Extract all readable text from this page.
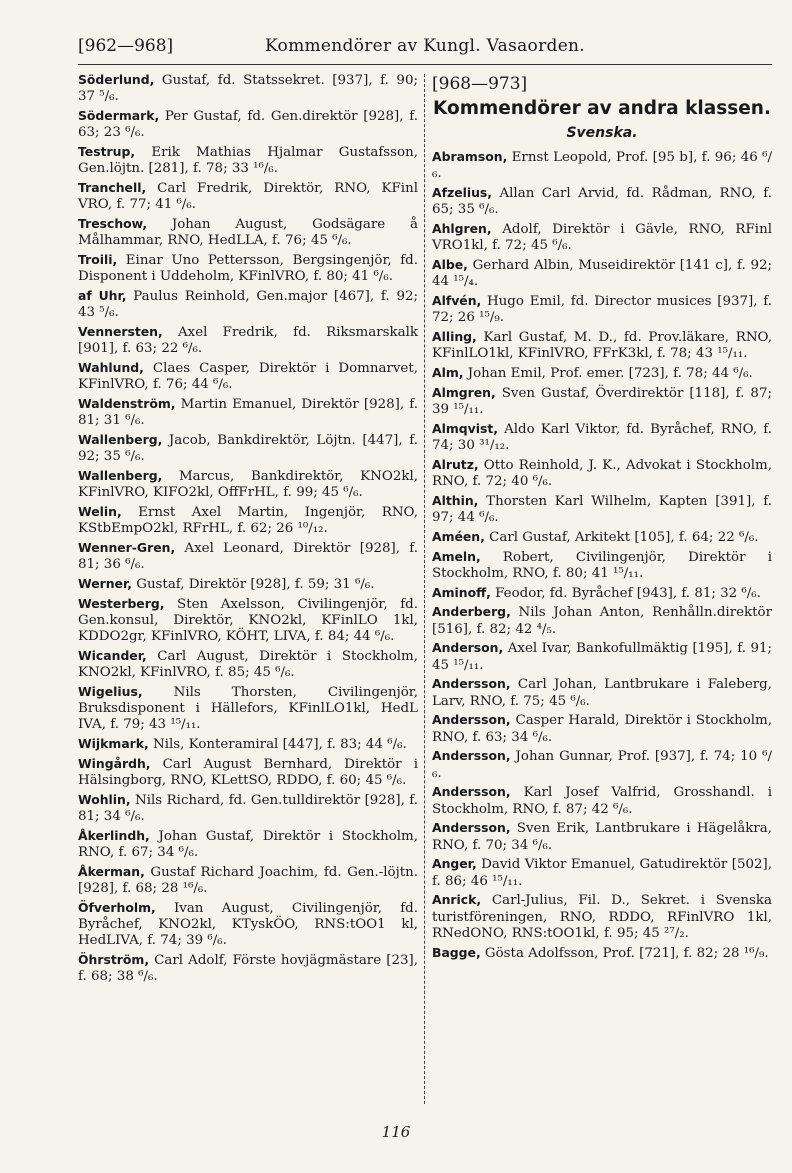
[962—968]	Kommendörer av Kungl. Vasaorden.
Söderlund , Gustaf, fd. Statssekret. [937], f. 90; 37 ⁵/₆.
Södermark , Per Gustaf, fd. Gen.direktör [928], f. 63; 23 ⁶/₆.
Testrup , Erik Mathias Hjalmar Gustafsson, Gen.löjtn. [281], f. 78; 33 ¹⁶/₆.
Tranchell , Carl Fredrik, Direktör, RNO, KFinl VRO, f. 77; 41 ⁶/₆.
Treschow , Johan August, Godsägare å Målhammar, RNO, HedLLA, f. 76; 45 ⁶/₆.
Troili , Einar Uno Pettersson, Bergsingenjör, fd. Disponent i Uddeholm, KFinlVRO, f. 80; 41 ⁶/₆.
af Uhr , Paulus Reinhold, Gen.major [467], f. 92; 43 ⁵/₆.
Vennersten , Axel Fredrik, fd. Riksmarskalk [901], f. 63; 22 ⁶/₆.
Wahlund , Claes Casper, Direktör i Domnarvet, KFinlVRO, f. 76; 44 ⁶/₆.
Waldenström , Martin Emanuel, Direktör [928], f. 81; 31 ⁶/₆.
Wallenberg , Jacob, Bankdirektör, Löjtn. [447], f. 92; 35 ⁶/₆.
Wallenberg , Marcus, Bankdirektör, KNO2kl, KFinlVRO, KIFO2kl, OffFrHL, f. 99; 45 ⁶/₆.
Welin , Ernst Axel Martin, Ingenjör, RNO, KStbEmpO2kl, RFrHL, f. 62; 26 ¹⁰/₁₂.
Wenner-Gren , Axel Leonard, Direktör [928], f. 81; 36 ⁶/₆.
Werner , Gustaf, Direktör [928], f. 59; 31 ⁶/₆.
Westerberg , Sten Axelsson, Civilingenjör, fd. Gen.konsul, Direktör, KNO2kl, KFinlLO 1kl, KDDO2gr, KFinlVRO, KÖHT, LIVA, f. 84; 44 ⁶/₆.
Wicander , Carl August, Direktör i Stockholm, KNO2kl, KFinlVRO, f. 85; 45 ⁶/₆.
Wigelius , Nils Thorsten, Civilingenjör, Bruksdisponent i Hällefors, KFinlLO1kl, HedL IVA, f. 79; 43 ¹⁵/₁₁.
Wijkmark , Nils, Konteramiral [447], f. 83; 44 ⁶/₆.
Wingårdh , Carl August Bernhard, Direktör i Hälsingborg, RNO, KLettSO, RDDO, f. 60; 45 ⁶/₆.
Wohlin , Nils Richard, fd. Gen.tulldirektör [928], f. 81; 34 ⁶/₆.
Åkerlindh , Johan Gustaf, Direktör i Stockholm, RNO, f. 67; 34 ⁶/₆.
Åkerman , Gustaf Richard Joachim, fd. Gen.-löjtn. [928], f. 68; 28 ¹⁶/₆.
Öfverholm , Ivan August, Civilingenjör, fd. Byråchef, KNO2kl, KTyskÖO, RNS:tOO1 kl, HedLIVA, f. 74; 39 ⁶/₆.
Öhrström , Carl Adolf, Förste hovjägmästare [23], f. 68; 38 ⁶/₆.
[968—973]
Kommendörer av andra klassen.
Svenska.
Abramson , Ernst Leopold, Prof. [95 b], f. 96; 46 ⁶/₆.
Afzelius , Allan Carl Arvid, fd. Rådman, RNO, f. 65; 35 ⁶/₆.
Ahlgren , Adolf, Direktör i Gävle, RNO, RFinl VRO1kl, f. 72; 45 ⁶/₆.
Albe , Gerhard Albin, Museidirektör [141 c], f. 92; 44 ¹⁵/₄.
Alfvén , Hugo Emil, fd. Director musices [937], f. 72; 26 ¹⁵/₉.
Alling , Karl Gustaf, M. D., fd. Prov.läkare, RNO, KFinlLO1kl, KFinlVRO, FFrK3kl, f. 78; 43 ¹⁵/₁₁.
Alm , Johan Emil, Prof. emer. [723], f. 78; 44 ⁶/₆.
Almgren , Sven Gustaf, Överdirektör [118], f. 87; 39 ¹⁵/₁₁.
Almqvist , Aldo Karl Viktor, fd. Byråchef, RNO, f. 74; 30 ³¹/₁₂.
Alrutz , Otto Reinhold, J. K., Advokat i Stockholm, RNO, f. 72; 40 ⁶/₆.
Althin , Thorsten Karl Wilhelm, Kapten [391], f. 97; 44 ⁶/₆.
Améen , Carl Gustaf, Arkitekt [105], f. 64; 22 ⁶/₆.
Ameln , Robert, Civilingenjör, Direktör i Stockholm, RNO, f. 80; 41 ¹⁵/₁₁.
Aminoff , Feodor, fd. Byråchef [943], f. 81; 32 ⁶/₆.
Anderberg , Nils Johan Anton, Renhålln.direktör [516], f. 82; 42 ⁴/₅.
Anderson , Axel Ivar, Bankofullmäktig [195], f. 91; 45 ¹⁵/₁₁.
Andersson , Carl Johan, Lantbrukare i Faleberg, Larv, RNO, f. 75; 45 ⁶/₆.
Andersson , Casper Harald, Direktör i Stockholm, RNO, f. 63; 34 ⁶/₆.
Andersson , Johan Gunnar, Prof. [937], f. 74; 10 ⁶/₆.
Andersson , Karl Josef Valfrid, Grosshandl. i Stockholm, RNO, f. 87; 42 ⁶/₆.
Andersson , Sven Erik, Lantbrukare i Hägelåkra, RNO, f. 70; 34 ⁶/₆.
Anger , David Viktor Emanuel, Gatudirektör [502], f. 86; 46 ¹⁵/₁₁.
Anrick , Carl-Julius, Fil. D., Sekret. i Svenska turistföreningen, RNO, RDDO, RFinlVRO 1kl, RNedONO, RNS:tOO1kl, f. 95; 45 ²⁷/₂.
Bagge , Gösta Adolfsson, Prof. [721], f. 82; 28 ¹⁶/₉.
116
